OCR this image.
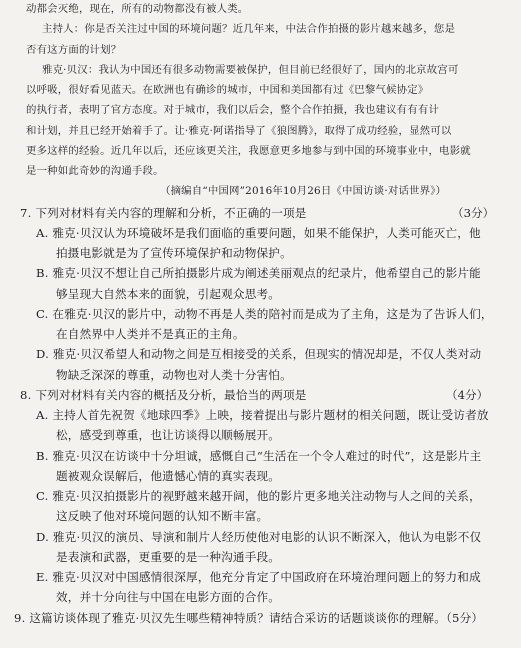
动都会灭绝，现在，所有的动物都没有被人类。
主持人：你是否关注过中国的环境问题？近几年来，中法合作拍摄的影片越来越多，您是
否有这方面的计划？
雅克·贝汉：我认为中国还有很多动物需要被保护，但目前已经很好了，国内的北京故宫可
以呼吸，很好看见蓝天。在欧洲也有确诊的城市，中国和美国都有过《巴黎气候协定》
的执行者，表明了官方态度。对于城市，我们以后会，整个合作拍摄，我也建议有有有计
和计划，并且已经开始着手了。让·雅克·阿诺指导了《狼图腾》，取得了成功经验，显然可以
更多这样的经验。近几年以后，还应该更关注，我愿意更多地参与到中国的环境事业中，电影就
是一种如此奇妙的沟通手段。
（摘编自“中国网”2016年10月26日《中国访谈·对话世界》）
7. 下列对材料有关内容的理解和分析，不正确的一项是	（3分）
A. 雅克·贝汉认为环境破坏是我们面临的重要问题，如果不能保护，人类可能灭亡，他
拍摄电影就是为了宣传环境保护和动物保护。
B. 雅克·贝汉不想让自己所拍摄影片成为阐述美丽观点的纪录片，他希望自己的影片能
够呈现大自然本来的面貌，引起观众思考。
C. 在雅克·贝汉的影片中，动物不再是人类的陪衬而是成为了主角，这是为了告诉人们，
在自然界中人类并不是真正的主角。
D. 雅克·贝汉希望人和动物之间是互相接受的关系，但现实的情况却是，不仅人类对动
物缺乏深深的尊重，动物也对人类十分害怕。
8. 下列对材料有关内容的概括及分析，最恰当的两项是	（4分）
A. 主持人首先祝贺《地球四季》上映，接着提出与影片题材的相关问题，既让受访者放
松，感受到尊重，也让访谈得以顺畅展开。
B. 雅克·贝汉在访谈中十分坦诚，感慨自己“生活在一个令人难过的时代”，这是影片主
题被观众误解后，他遗憾心情的真实表现。
C. 雅克·贝汉拍摄影片的视野越来越开阔，他的影片更多地关注动物与人之间的关系，
这反映了他对环境问题的认知不断丰富。
D. 雅克·贝汉的演员、导演和制片人经历使他对电影的认识不断深入，他认为电影不仅
是表演和武器，更重要的是一种沟通手段。
E. 雅克·贝汉对中国感情很深厚，他充分肯定了中国政府在环境治理问题上的努力和成
效，并十分向往与中国在电影方面的合作。
9. 这篇访谈体现了雅克·贝汉先生哪些精神特质？请结合采访的话题谈谈你的理解。（5分）
